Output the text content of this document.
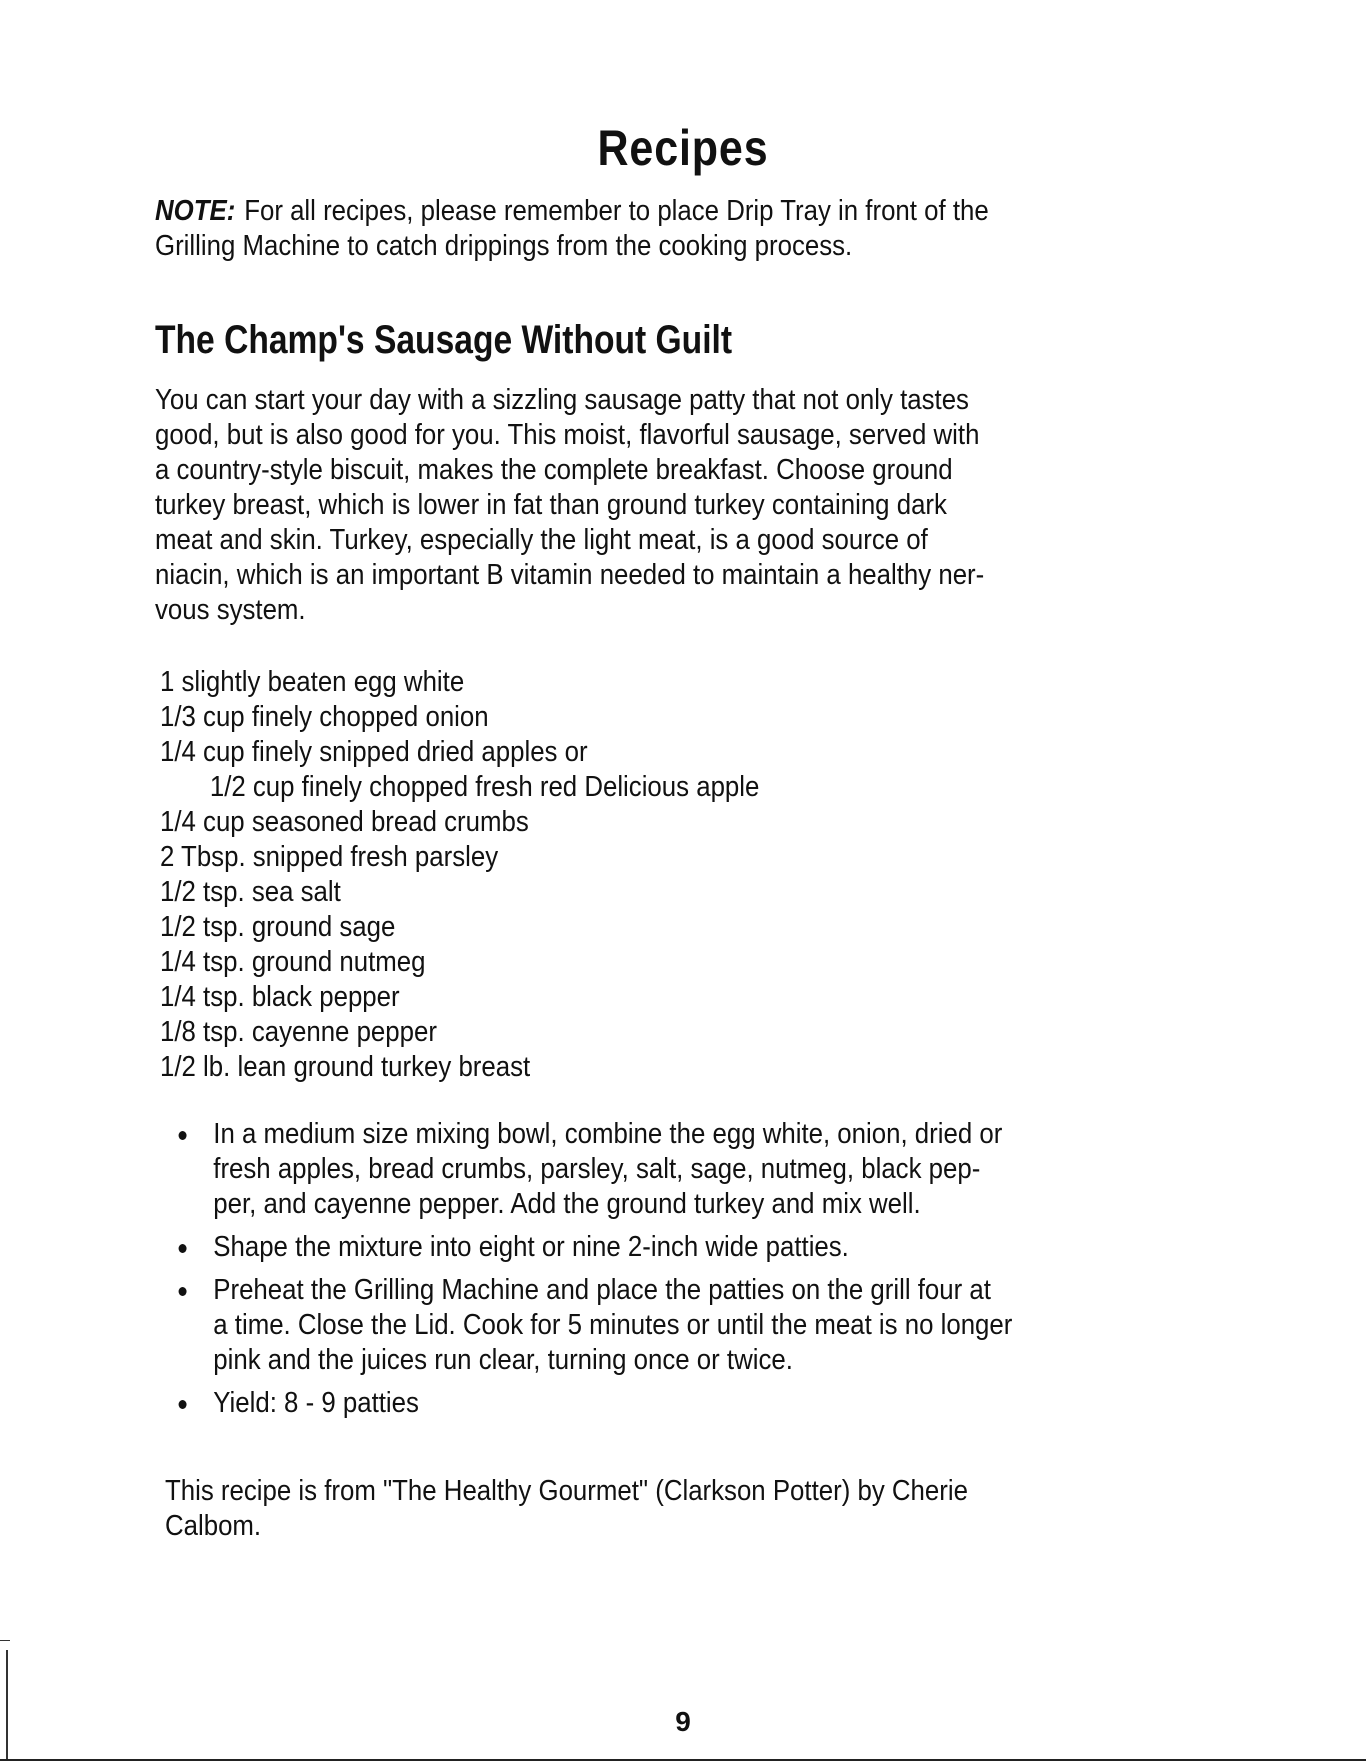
Recipes
NOTE: For all recipes, please remember to place Drip Tray in front of the
Grilling Machine to catch drippings from the cooking process.
The Champ's Sausage Without Guilt
You can start your day with a sizzling sausage patty that not only tastes
good, but is also good for you. This moist, flavorful sausage, served with
a country-style biscuit, makes the complete breakfast. Choose ground
turkey breast, which is lower in fat than ground turkey containing dark
meat and skin. Turkey, especially the light meat, is a good source of
niacin, which is an important B vitamin needed to maintain a healthy ner-
vous system.
1 slightly beaten egg white
1/3 cup finely chopped onion
1/4 cup finely snipped dried apples or
1/2 cup finely chopped fresh red Delicious apple
1/4 cup seasoned bread crumbs
2 Tbsp. snipped fresh parsley
1/2 tsp. sea salt
1/2 tsp. ground sage
1/4 tsp. ground nutmeg
1/4 tsp. black pepper
1/8 tsp. cayenne pepper
1/2 lb. lean ground turkey breast
In a medium size mixing bowl, combine the egg white, onion, dried or
fresh apples, bread crumbs, parsley, salt, sage, nutmeg, black pep-
per, and cayenne pepper. Add the ground turkey and mix well.
Shape the mixture into eight or nine 2-inch wide patties.
Preheat the Grilling Machine and place the patties on the grill four at
a time. Close the Lid. Cook for 5 minutes or until the meat is no longer
pink and the juices run clear, turning once or twice.
Yield: 8 - 9 patties
This recipe is from "The Healthy Gourmet" (Clarkson Potter) by Cherie
Calbom.
9
